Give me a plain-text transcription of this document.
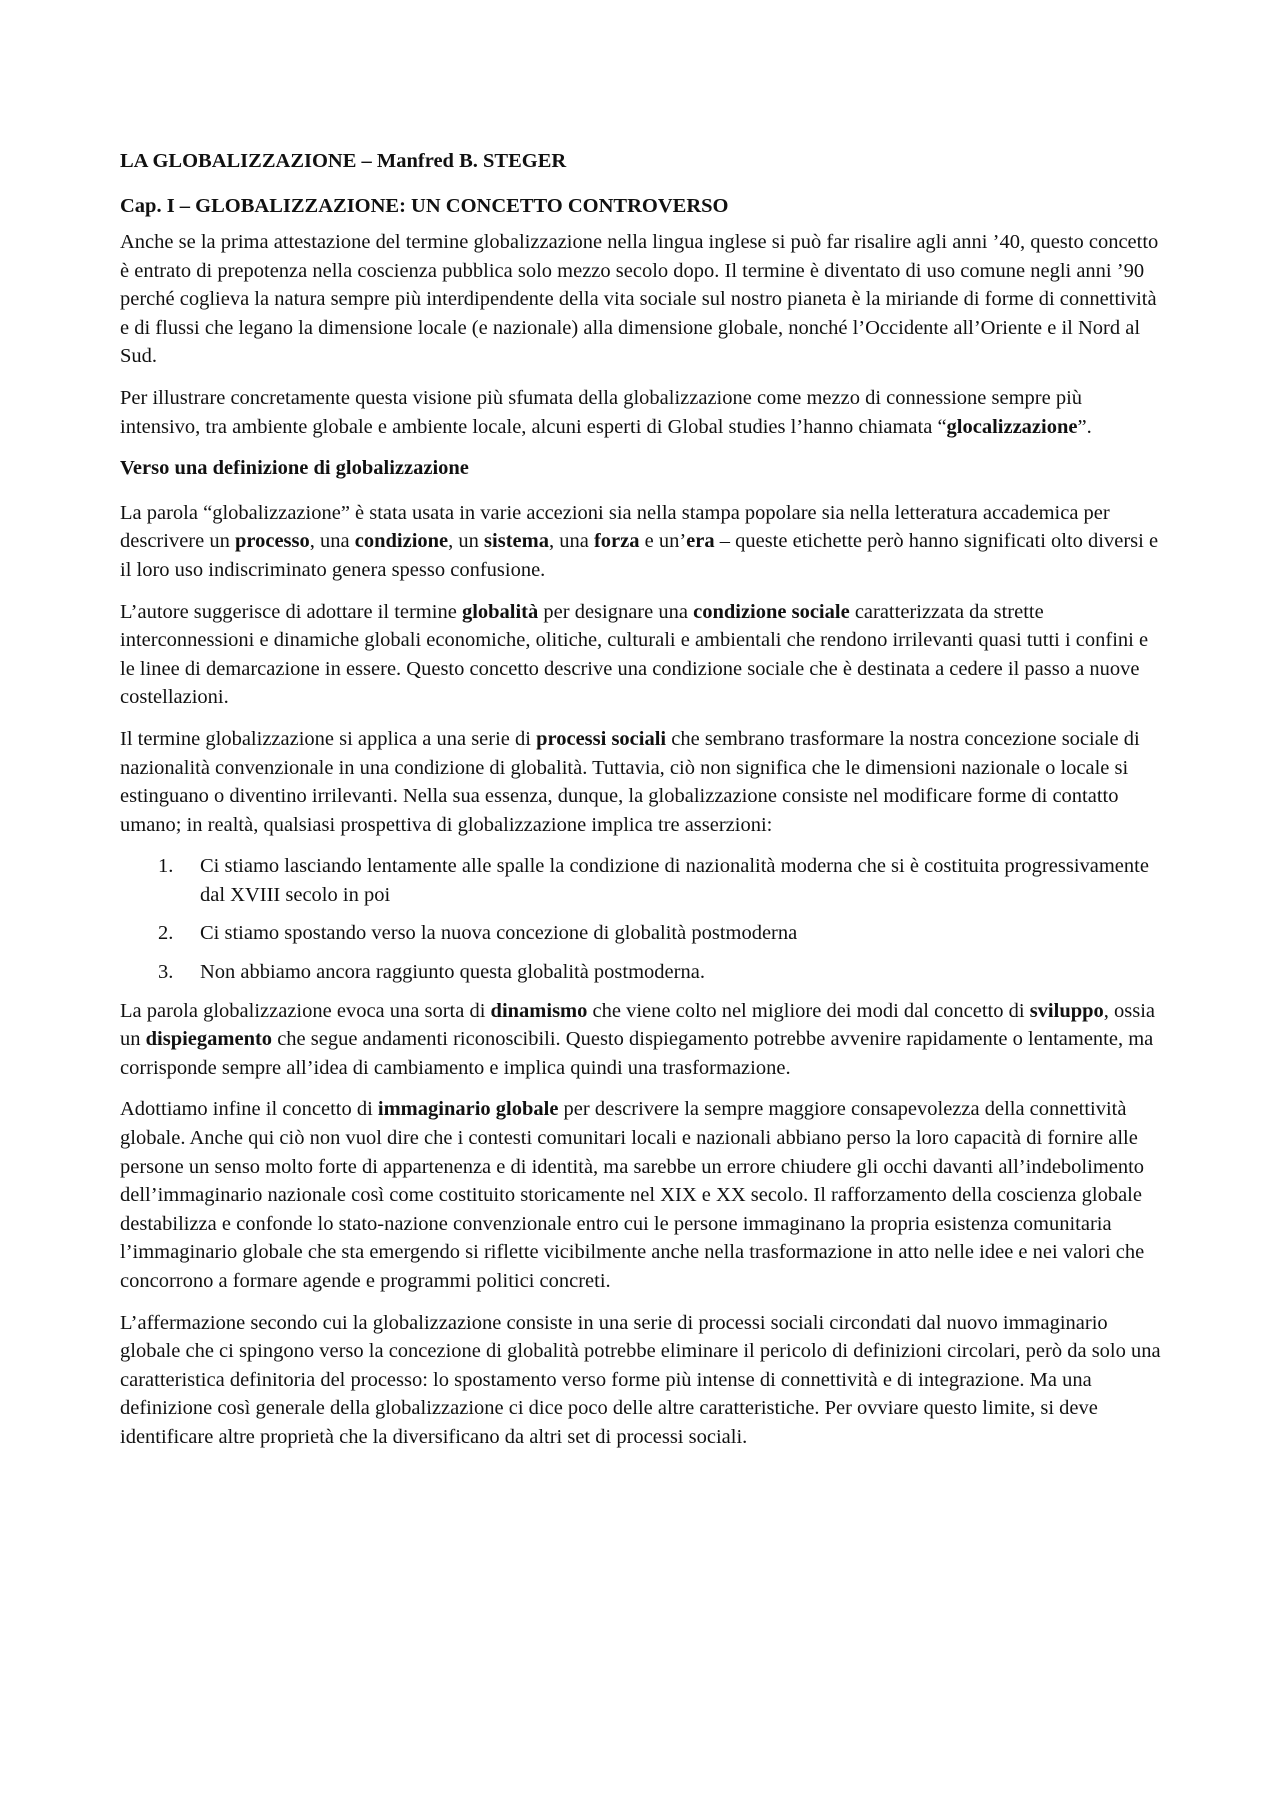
LA GLOBALIZZAZIONE – Manfred B. STEGER
Cap. I – GLOBALIZZAZIONE: UN CONCETTO CONTROVERSO

Anche se la prima attestazione del termine globalizzazione nella lingua inglese si può far risalire agli anni ’40, questo concetto è entrato di prepotenza nella coscienza pubblica solo mezzo secolo dopo. Il termine è diventato di uso comune negli anni ’90 perché coglieva la natura sempre più interdipendente della vita sociale sul nostro pianeta è la miriande di forme di connettività e di flussi che legano la dimensione locale (e nazionale) alla dimensione globale, nonché l’Occidente all’Oriente e il Nord al Sud.

Per illustrare concretamente questa visione più sfumata della globalizzazione come mezzo di connessione sempre più intensivo, tra ambiente globale e ambiente locale, alcuni esperti di Global studies l’hanno chiamata “glocalizzazione”.

Verso una definizione di globalizzazione

La parola “globalizzazione” è stata usata in varie accezioni sia nella stampa popolare sia nella letteratura accademica per descrivere un processo, una condizione, un sistema, una forza e un’era – queste etichette però hanno significati olto diversi e il loro uso indiscriminato genera spesso confusione.

L’autore suggerisce di adottare il termine globalità per designare una condizione sociale caratterizzata da strette interconnessioni e dinamiche globali economiche, olitiche, culturali e ambientali che rendono irrilevanti quasi tutti i confini e le linee di demarcazione in essere. Questo concetto descrive una condizione sociale che è destinata a cedere il passo a nuove costellazioni.

Il termine globalizzazione si applica a una serie di processi sociali che sembrano trasformare la nostra concezione sociale di nazionalità convenzionale in una condizione di globalità. Tuttavia, ciò non significa che le dimensioni nazionale o locale si estinguano o diventino irrilevanti. Nella sua essenza, dunque, la globalizzazione consiste nel modificare forme di contatto umano; in realtà, qualsiasi prospettiva di globalizzazione implica tre asserzioni:

1.	Ci stiamo lasciando lentamente alle spalle la condizione di nazionalità moderna che si è costituita progressivamente dal XVIII secolo in poi
2.	Ci stiamo spostando verso la nuova concezione di globalità postmoderna
3.	Non abbiamo ancora raggiunto questa globalità postmoderna.

La parola globalizzazione evoca una sorta di dinamismo che viene colto nel migliore dei modi dal concetto di sviluppo, ossia un dispiegamento che segue andamenti riconoscibili. Questo dispiegamento potrebbe avvenire rapidamente o lentamente, ma corrisponde sempre all’idea di cambiamento e implica quindi una trasformazione.

Adottiamo infine il concetto di immaginario globale per descrivere la sempre maggiore consapevolezza della connettività globale. Anche qui ciò non vuol dire che i contesti comunitari locali e nazionali abbiano perso la loro capacità di fornire alle persone un senso molto forte di appartenenza e di identità, ma sarebbe un errore chiudere gli occhi davanti all’indebolimento dell’immaginario nazionale così come costituito storicamente nel XIX e XX secolo. Il rafforzamento della coscienza globale destabilizza e confonde lo stato-nazione convenzionale entro cui le persone immaginano la propria esistenza comunitaria l’immaginario globale che sta emergendo si riflette vicibilmente anche nella trasformazione in atto nelle idee e nei valori che concorrono a formare agende e programmi politici concreti.

L’affermazione secondo cui la globalizzazione consiste in una serie di processi sociali circondati dal nuovo immaginario globale che ci spingono verso la concezione di globalità potrebbe eliminare il pericolo di definizioni circolari, però da solo una caratteristica definitoria del processo: lo spostamento verso forme più intense di connettività e di integrazione. Ma una definizione così generale della globalizzazione ci dice poco delle altre caratteristiche. Per ovviare questo limite, si deve identificare altre proprietà che la diversificano da altri set di processi sociali.
